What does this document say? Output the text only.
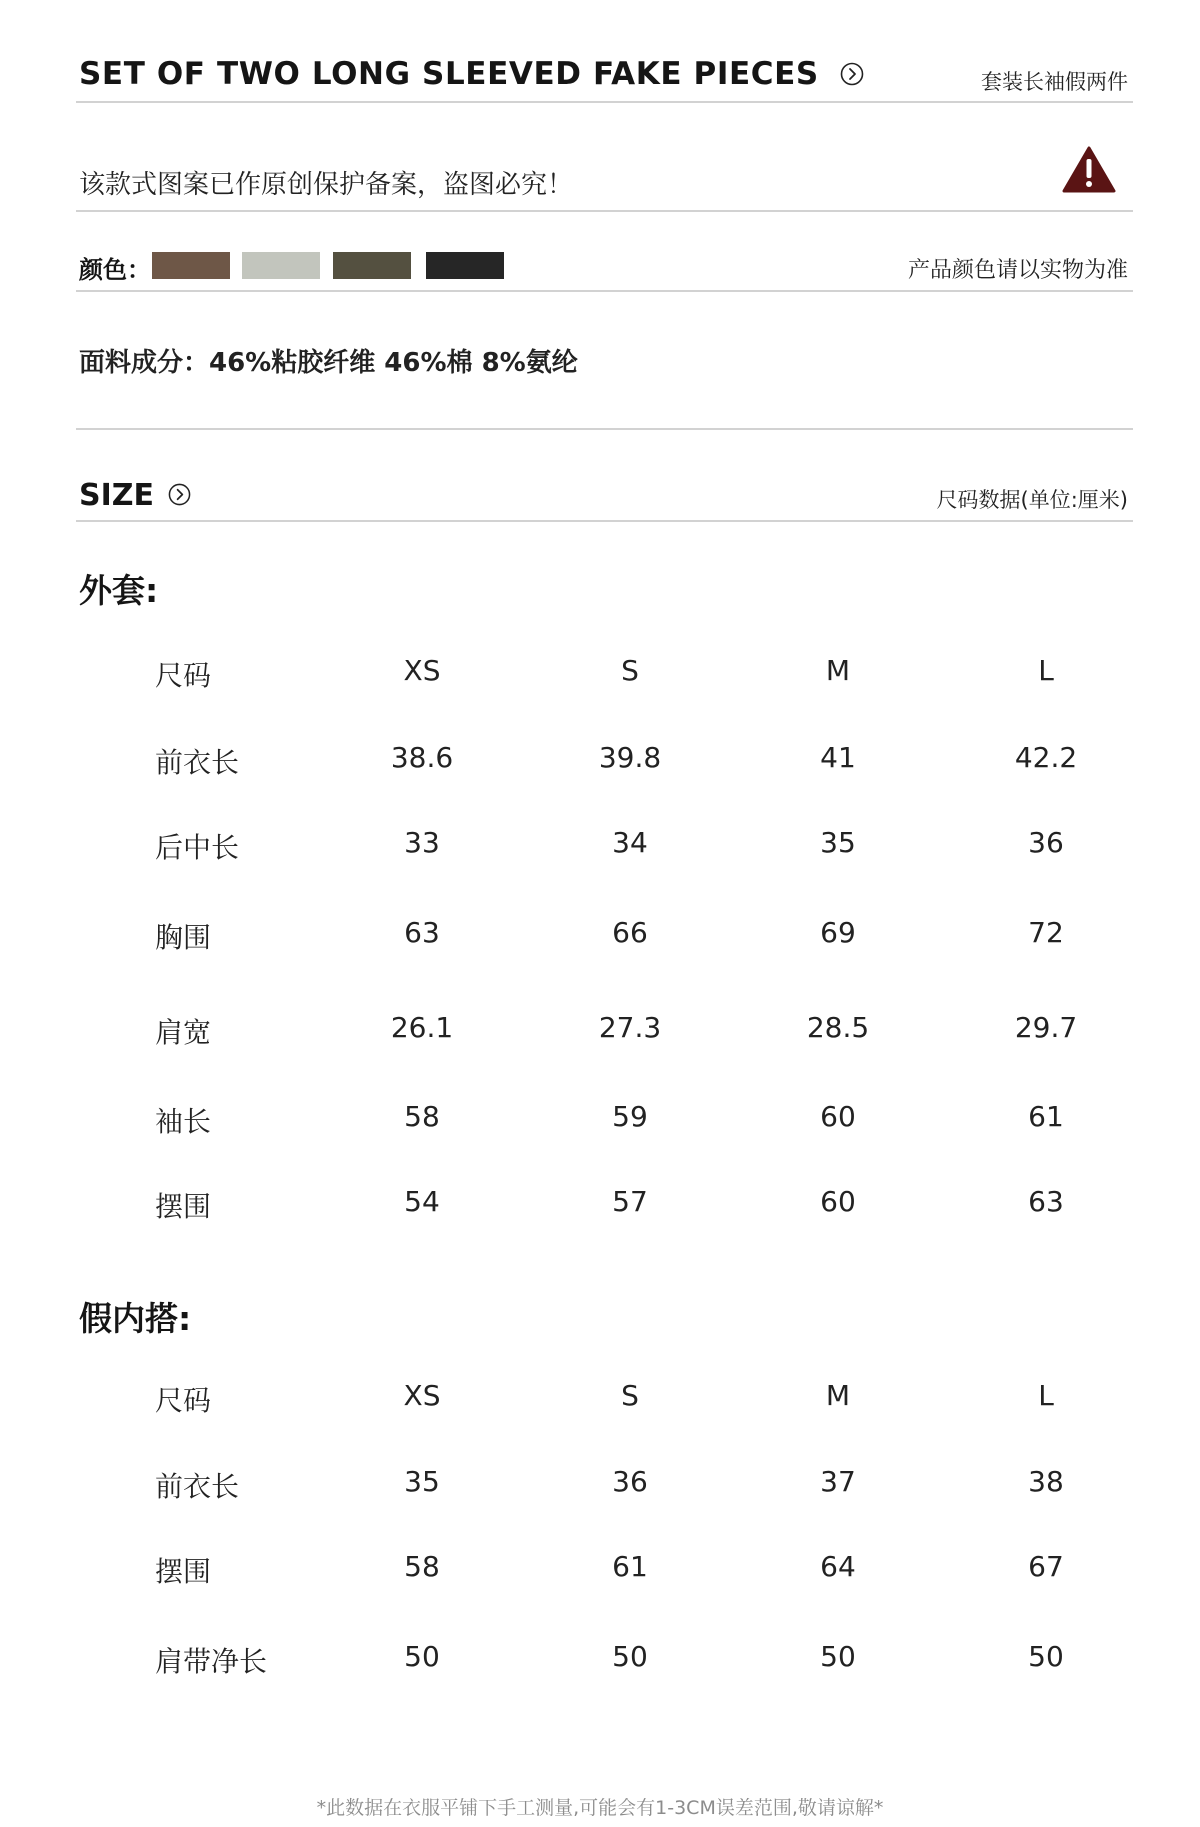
SET OF TWO LONG SLEEVED FAKE PIECES	套装长袖假两件
该款式图案已作原创保护备案，盗图必究！
颜色：	产品颜色请以实物为准
面料成分：46%粘胶纤维 46%棉 8%氨纶
SIZE	尺码数据(单位:厘米)
外套:
尺码	XS	S	M	L
前衣长	38.6	39.8	41	42.2
后中长	33	34	35	36
胸围	63	66	69	72
肩宽	26.1	27.3	28.5	29.7
袖长	58	59	60	61
摆围	54	57	60	63
假内搭:
尺码	XS	S	M	L
前衣长	35	36	37	38
摆围	58	61	64	67
肩带净长	50	50	50	50
*此数据在衣服平铺下手工测量,可能会有1-3CM误差范围,敬请谅解*
